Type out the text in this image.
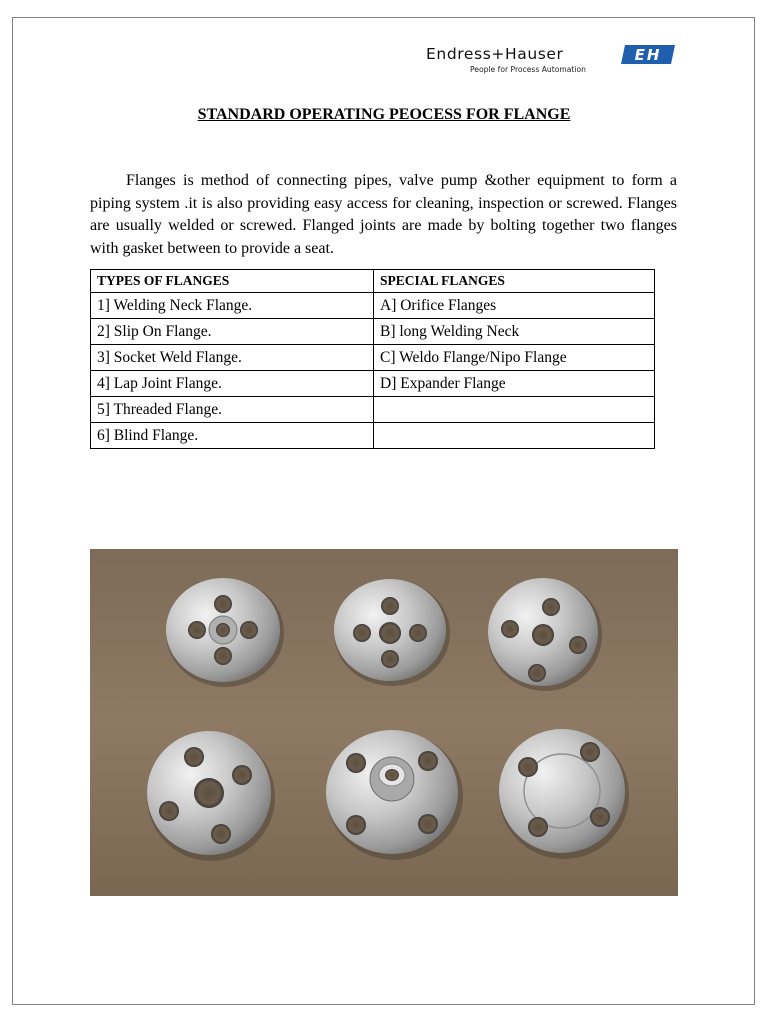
Endress+Hauser
People for Process Automation
EH
STANDARD OPERATING PEOCESS FOR FLANGE

Flanges is method of connecting pipes, valve pump &other equipment to form a piping system .it is also providing easy access for cleaning, inspection or screwed. Flanges are usually welded or screwed. Flanged joints are made by bolting together two flanges with gasket between to provide a seat.

TYPES OF FLANGES	SPECIAL FLANGES
1] Welding Neck Flange.	A] Orifice Flanges
2] Slip On Flange.	B] long Welding Neck
3] Socket Weld Flange.	C] Weldo Flange/Nipo Flange
4] Lap Joint Flange.	D] Expander Flange
5] Threaded Flange.	
6] Blind Flange.	
